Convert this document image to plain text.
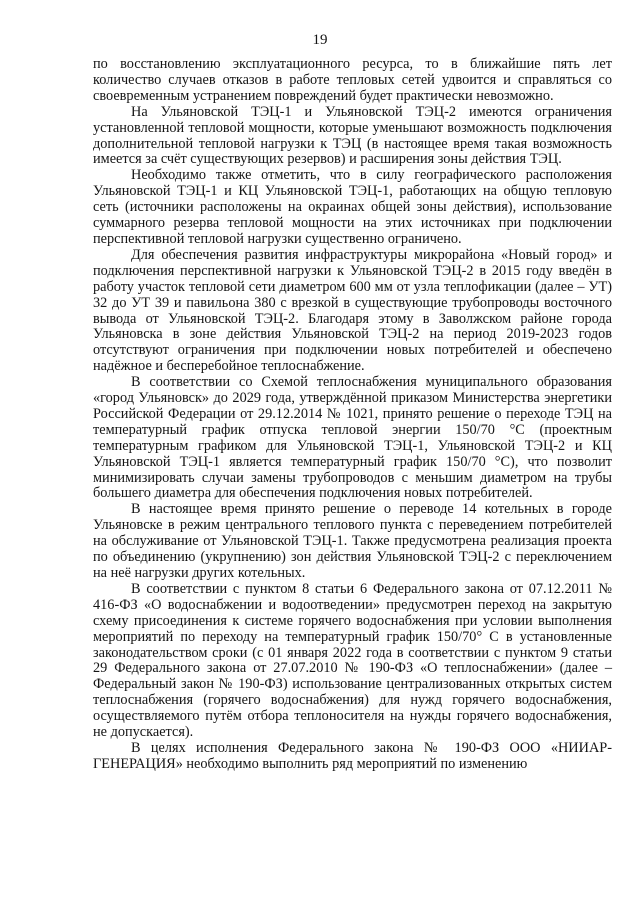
19

по восстановлению эксплуатационного ресурса, то в ближайшие пять лет количество случаев отказов в работе тепловых сетей удвоится и справляться со своевременным устранением повреждений будет практически невозможно.

На Ульяновской ТЭЦ-1 и Ульяновской ТЭЦ-2 имеются ограничения установленной тепловой мощности, которые уменьшают возможность подключения дополнительной тепловой нагрузки к ТЭЦ (в настоящее время такая возможность имеется за счёт существующих резервов) и расширения зоны действия ТЭЦ.

Необходимо также отметить, что в силу географического расположения Ульяновской ТЭЦ-1 и КЦ Ульяновской ТЭЦ-1, работающих на общую тепловую сеть (источники расположены на окраинах общей зоны действия), использование суммарного резерва тепловой мощности на этих источниках при подключении перспективной тепловой нагрузки существенно ограничено.

Для обеспечения развития инфраструктуры микрорайона «Новый город» и подключения перспективной нагрузки к Ульяновской ТЭЦ-2 в 2015 году введён в работу участок тепловой сети диаметром 600 мм от узла теплофикации (далее – УТ) 32 до УТ 39 и павильона 380 с врезкой в существующие трубопроводы восточного вывода от Ульяновской ТЭЦ-2. Благодаря этому в Заволжском районе города Ульяновска в зоне действия Ульяновской ТЭЦ-2 на период 2019-2023 годов отсутствуют ограничения при подключении новых потребителей и обеспечено надёжное и бесперебойное теплоснабжение.

В соответствии со Схемой теплоснабжения муниципального образования «город Ульяновск» до 2029 года, утверждённой приказом Министерства энергетики Российской Федерации от 29.12.2014 № 1021, принято решение о переходе ТЭЦ на температурный график отпуска тепловой энергии 150/70 °С (проектным температурным графиком для Ульяновской ТЭЦ-1, Ульяновской ТЭЦ-2 и КЦ Ульяновской ТЭЦ-1 является температурный график 150/70 °С), что позволит минимизировать случаи замены трубопроводов с меньшим диаметром на трубы большего диаметра для обеспечения подключения новых потребителей.

В настоящее время принято решение о переводе 14 котельных в городе Ульяновске в режим центрального теплового пункта с переведением потребителей на обслуживание от Ульяновской ТЭЦ-1. Также предусмотрена реализация проекта по объединению (укрупнению) зон действия Ульяновской ТЭЦ-2 с переключением на неё нагрузки других котельных.

В соответствии с пунктом 8 статьи 6 Федерального закона от 07.12.2011 № 416-ФЗ «О водоснабжении и водоотведении» предусмотрен переход на закрытую схему присоединения к системе горячего водоснабжения при условии выполнения мероприятий по переходу на температурный график 150/70° С в установленные законодательством сроки (с 01 января 2022 года в соответствии с пунктом 9 статьи 29 Федерального закона от 27.07.2010 № 190-ФЗ «О теплоснабжении» (далее – Федеральный закон № 190-ФЗ) использование централизованных открытых систем теплоснабжения (горячего водоснабжения) для нужд горячего водоснабжения, осуществляемого путём отбора теплоносителя на нужды горячего водоснабжения, не допускается).

В целях исполнения Федерального закона № 190-ФЗ ООО «НИИАР-ГЕНЕРАЦИЯ» необходимо выполнить ряд мероприятий по изменению
